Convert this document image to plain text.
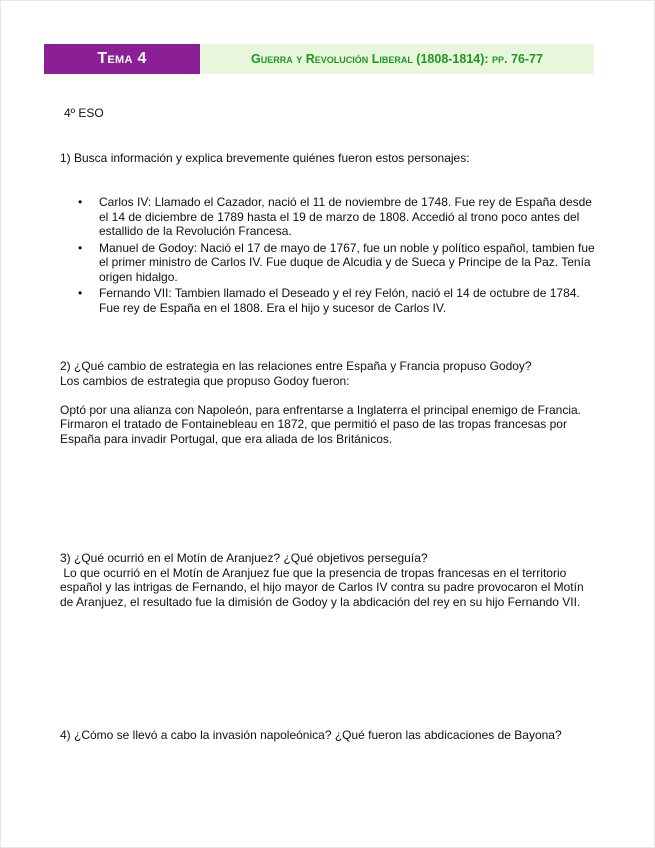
Tema 4	Guerra y Revolución Liberal (1808-1814): pp. 76-77
4º ESO
1) Busca información y explica brevemente quiénes fueron estos personajes:
• Carlos IV: Llamado el Cazador, nació el 11 de noviembre de 1748. Fue rey de España desde el 14 de diciembre de 1789 hasta el 19 de marzo de 1808. Accedió al trono poco antes del estallido de la Revolución Francesa.
• Manuel de Godoy: Nació el 17 de mayo de 1767, fue un noble y político español, tambien fue el primer ministro de Carlos IV. Fue duque de Alcudia y de Sueca y Principe de la Paz. Tenía origen hidalgo.
• Fernando VII: Tambien llamado el Deseado y el rey Felón, nació el 14 de octubre de 1784. Fue rey de España en el 1808. Era el hijo y sucesor de Carlos IV.

2) ¿Qué cambio de estrategia en las relaciones entre España y Francia propuso Godoy?

Los cambios de estrategia que propuso Godoy fueron:

Optó por una alianza con Napoleón, para enfrentarse a Inglaterra el principal enemigo de Francia.

Firmaron el tratado de Fontainebleau en 1872, que permitió el paso de las tropas francesas por España para invadir Portugal, que era aliada de los Británicos.

3) ¿Qué ocurrió en el Motín de Aranjuez? ¿Qué objetivos perseguía?

Lo que ocurrió en el Motín de Aranjuez fue que la presencia de tropas francesas en el territorio español y las intrigas de Fernando, el hijo mayor de Carlos IV contra su padre provocaron el Motín de Aranjuez, el resultado fue la dimisión de Godoy y la abdicación del rey en su hijo Fernando VII.

4) ¿Cómo se llevó a cabo la invasión napoleónica? ¿Qué fueron las abdicaciones de Bayona?
